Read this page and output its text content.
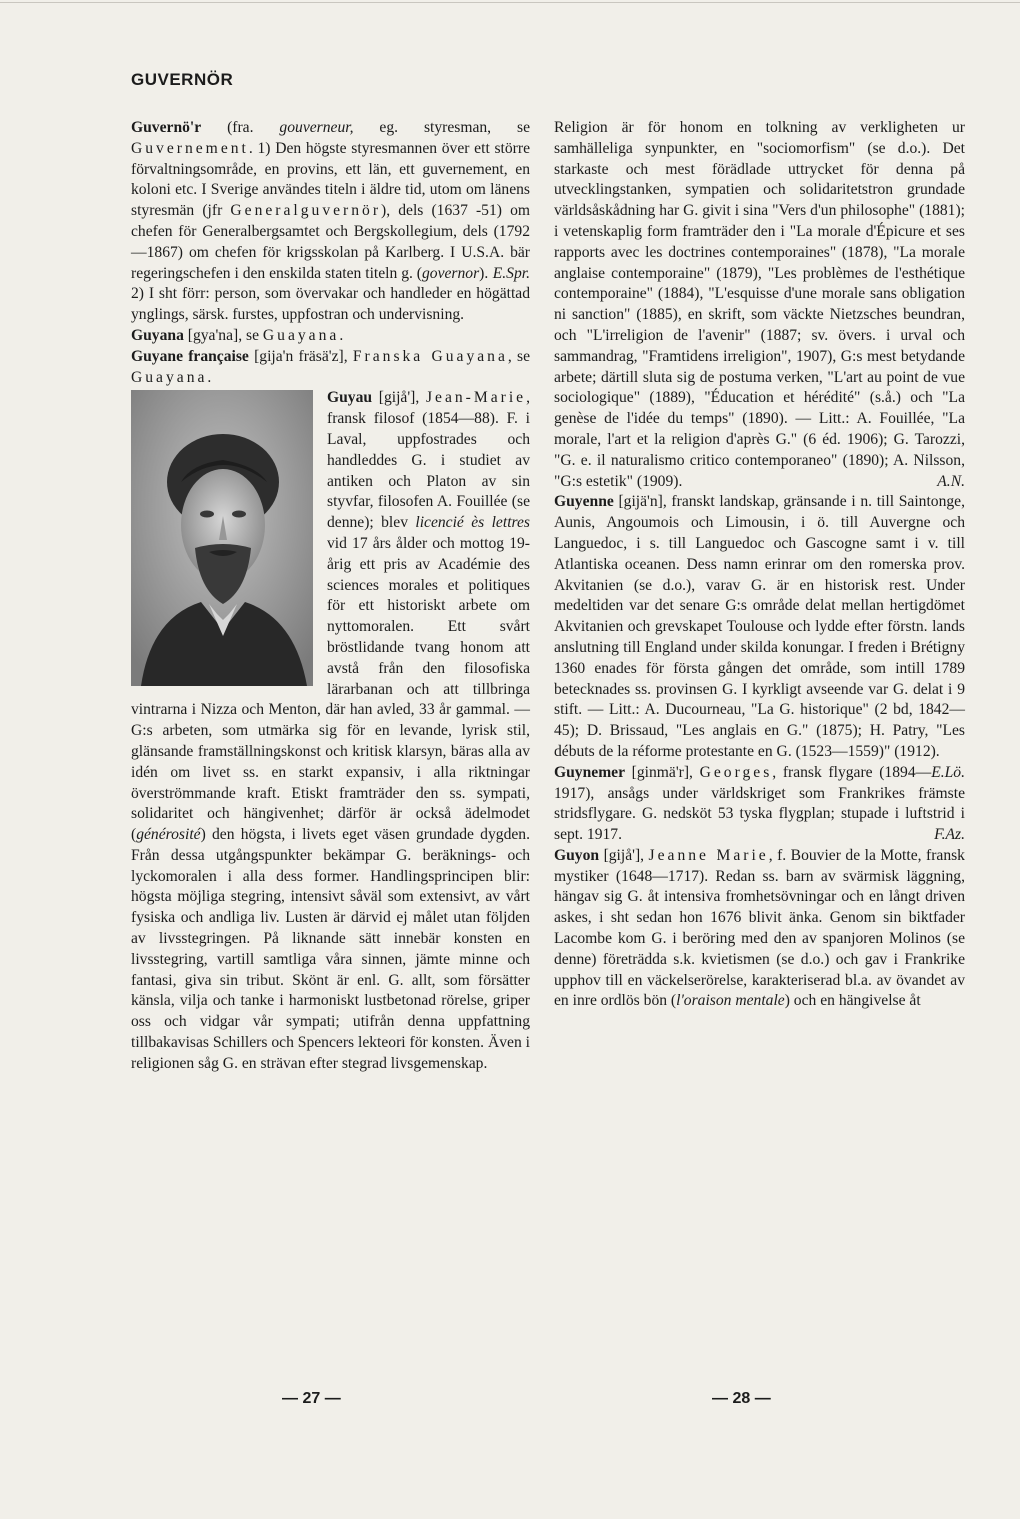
GUVERNÖR

Guvernö'r (fra. gouverneur, eg. styresman, se Guvernement. 1) Den högste styresmannen över ett större förvaltningsområde, en provins, ett län, ett guvernement, en koloni etc. I Sverige användes titeln i äldre tid, utom om länens styresmän (jfr Generalguvernör), dels (1637 -51) om chefen för Generalbergsamtet och Bergskollegium, dels (1792—1867) om chefen för krigsskolan på Karlberg. I U.S.A. bär regeringschefen i den enskilda staten titeln g. (governor). E.Spr.

2) I sht förr: person, som övervakar och handleder en högättad ynglings, särsk. furstes, uppfostran och undervisning.

Guyana [gya'na], se Guayana.

Guyane française [gija'n fräsä'z], Franska Guayana, se Guayana.

Guyau [gijå'], Jean-Marie, fransk filosof (1854—88). F. i Laval, uppfostrades och handleddes G. i studiet av antiken och Platon av sin styvfar, filosofen A. Fouillée (se denne); blev licencié ès lettres vid 17 års ålder och mottog 19-årig ett pris av Académie des sciences morales et politiques för ett historiskt arbete om nyttomoralen. Ett svårt bröstlidande tvang honom att avstå från den filosofiska lärarbanan och att tillbringa vintrarna i Nizza och Menton, där han avled, 33 år gammal. — G:s arbeten, som utmärka sig för en levande, lyrisk stil, glänsande framställningskonst och kritisk klarsyn, bäras alla av idén om livet ss. en starkt expansiv, i alla riktningar överströmmande kraft. Etiskt framträder den ss. sympati, solidaritet och hängivenhet; därför är också ädelmodet (générosité) den högsta, i livets eget väsen grundade dygden. Från dessa utgångspunkter bekämpar G. beräknings- och lyckomoralen i alla dess former. Handlingsprincipen blir: högsta möjliga stegring, intensivt såväl som extensivt, av vårt fysiska och andliga liv. Lusten är därvid ej målet utan följden av livsstegringen. På liknande sätt innebär konsten en livsstegring, vartill samtliga våra sinnen, jämte minne och fantasi, giva sin tribut. Skönt är enl. G. allt, som försätter känsla, vilja och tanke i harmoniskt lustbetonad rörelse, griper oss och vidgar vår sympati; utifrån denna uppfattning tillbakavisas Schillers och Spencers lekteori för konsten. Även i religionen såg G. en strävan efter stegrad livsgemenskap.

Religion är för honom en tolkning av verkligheten ur samhälleliga synpunkter, en "sociomorfism" (se d.o.). Det starkaste och mest förädlade uttrycket för denna på utvecklingstanken, sympatien och solidaritetstron grundade världsåskådning har G. givit i sina "Vers d'un philosophe" (1881); i vetenskaplig form framträder den i "La morale d'Épicure et ses rapports avec les doctrines contemporaines" (1878), "La morale anglaise contemporaine" (1879), "Les problèmes de l'esthétique contemporaine" (1884), "L'esquisse d'une morale sans obligation ni sanction" (1885), en skrift, som väckte Nietzsches beundran, och "L'irreligion de l'avenir" (1887; sv. övers. i urval och sammandrag, "Framtidens irreligion", 1907), G:s mest betydande arbete; därtill sluta sig de postuma verken, "L'art au point de vue sociologique" (1889), "Éducation et hérédité" (s.å.) och "La genèse de l'idée du temps" (1890). — Litt.: A. Fouillée, "La morale, l'art et la religion d'après G." (6 éd. 1906); G. Tarozzi, "G. e. il naturalismo critico contemporaneo" (1890); A. Nilsson, "G:s estetik" (1909).	A.N.

Guyenne [gijä'n], franskt landskap, gränsande i n. till Saintonge, Aunis, Angoumois och Limousin, i ö. till Auvergne och Languedoc, i s. till Languedoc och Gascogne samt i v. till Atlantiska oceanen. Dess namn erinrar om den romerska prov. Akvitanien (se d.o.), varav G. är en historisk rest. Under medeltiden var det senare G:s område delat mellan hertigdömet Akvitanien och grevskapet Toulouse och lydde efter förstn. lands anslutning till England under skilda konungar. I freden i Brétigny 1360 enades för första gången det område, som intill 1789 betecknades ss. provinsen G. I kyrkligt avseende var G. delat i 9 stift. — Litt.: A. Ducourneau, "La G. historique" (2 bd, 1842—45); D. Brissaud, "Les anglais en G." (1875); H. Patry, "Les débuts de la réforme protestante en G. (1523—1559)" (1912).
E.Lö.

Guynemer [ginmä'r], Georges, fransk flygare (1894—1917), ansågs under världskriget som Frankrikes främste stridsflygare. G. nedsköt 53 tyska flygplan; stupade i luftstrid i sept. 1917.	F.Az.

Guyon [gijå'], Jeanne Marie, f. Bouvier de la Motte, fransk mystiker (1648—1717). Redan ss. barn av svärmisk läggning, hängav sig G. åt intensiva fromhetsövningar och en långt driven askes, i sht sedan hon 1676 blivit änka. Genom sin biktfader Lacombe kom G. i beröring med den av spanjoren Molinos (se denne) företrädda s.k. kvietismen (se d.o.) och gav i Frankrike upphov till en väckelserörelse, karakteriserad bl.a. av övandet av en inre ordlös bön (l'oraison mentale) och en hängivelse åt

— 27 —	— 28 —
